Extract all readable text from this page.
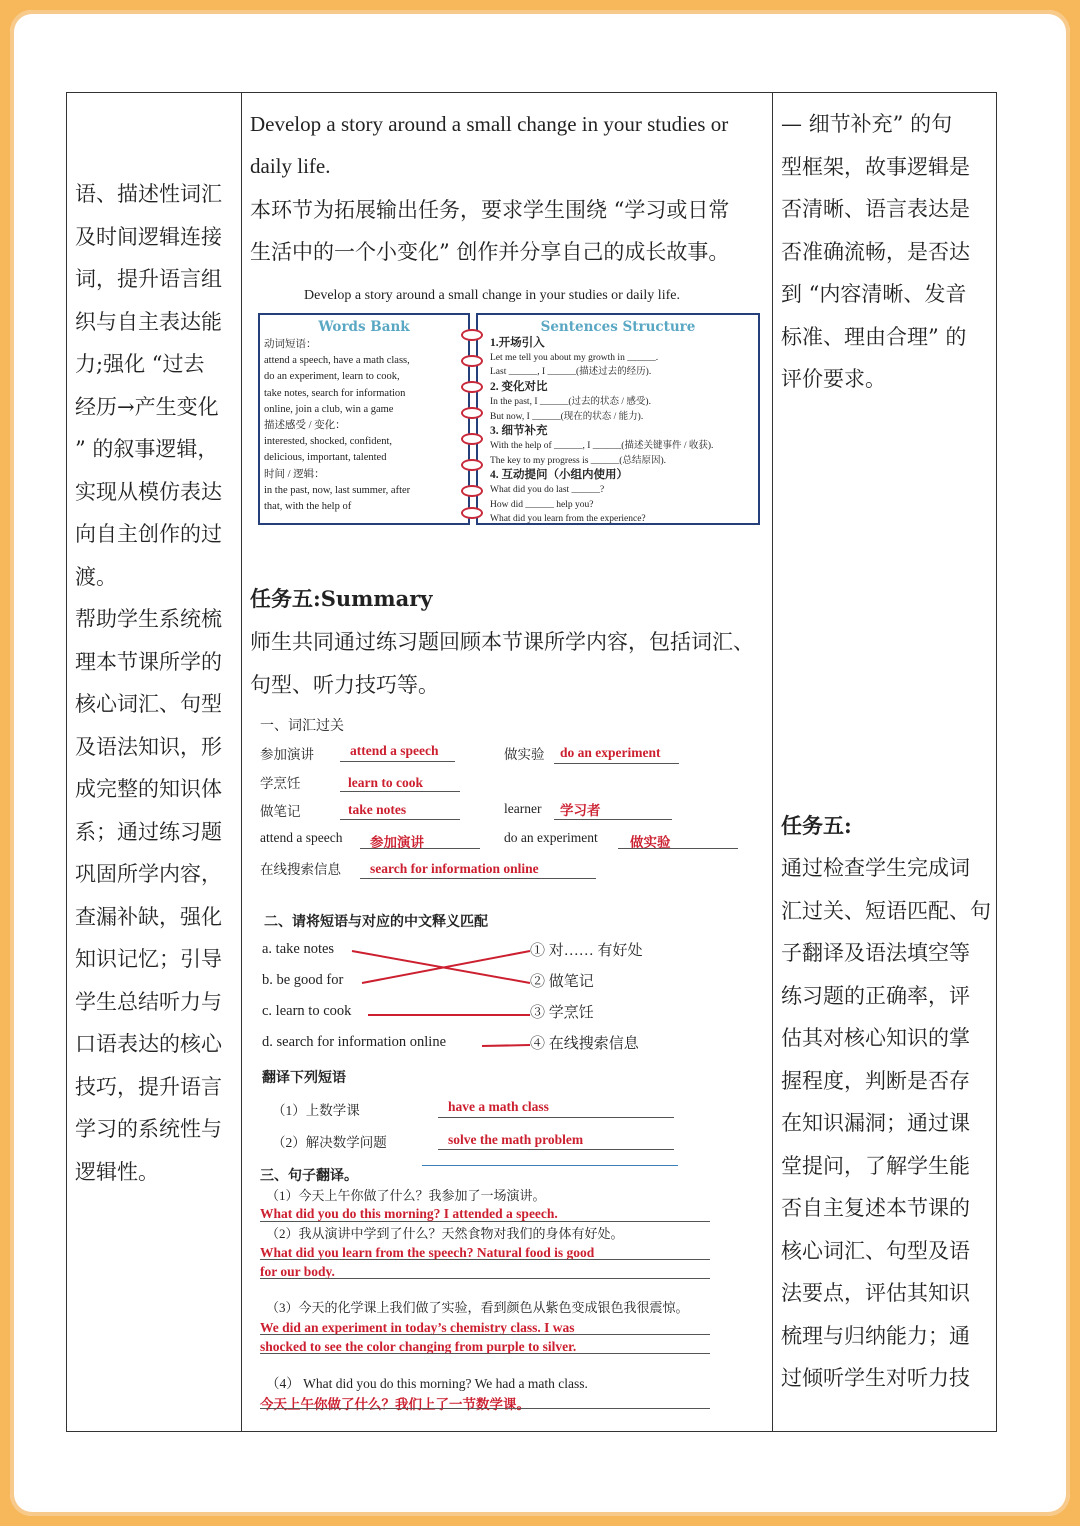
语、描述性词汇
及时间逻辑连接
词，提升语言组
织与自主表达能
力;强化 “过去
经历→产生变化
” 的叙事逻辑，
实现从模仿表达
向自主创作的过
渡。
帮助学生系统梳
理本节课所学的
核心词汇、句型
及语法知识，形
成完整的知识体
系；通过练习题
巩固所学内容，
查漏补缺，强化
知识记忆；引导
学生总结听力与
口语表达的核心
技巧，提升语言
学习的系统性与
逻辑性。

Develop a story around a small change in your studies or
daily life.
本环节为拓展输出任务，要求学生围绕 “学习或日常
生活中的一个小变化” 创作并分享自己的成长故事。
Develop a story around a small change in your studies or daily life.
Words Bank
动词短语：
attend a speech, have a math class,
do an experiment, learn to cook,
take notes, search for information
online, join a club, win a game
描述感受 / 变化：
interested, shocked, confident,
delicious, important, talented
时间 / 逻辑：
in the past, now, last summer, after
that, with the help of
Sentences Structure
1.开场引入
Let me tell you about my growth in ______.
Last ______, I ______(描述过去的经历).
2. 变化对比
In the past, I ______(过去的状态 / 感受).
But now, I ______(现在的状态 / 能力).
3. 细节补充
With the help of ______, I ______(描述关键事件 / 收获).
The key to my progress is ______(总结原因).
4. 互动提问（小组内使用）
What did you do last ______?
How did ______ help you?
What did you learn from the experience?
任务五:Summary
师生共同通过练习题回顾本节课所学内容，包括词汇、
句型、听力技巧等。
一、词汇过关
参加演讲	attend a speech	做实验 do an experiment
学烹饪	learn to cook
做笔记	take notes	learner 学习者
attend a speech 参加演讲	do an experiment 做实验
在线搜索信息 search for information online
二、请将短语与对应的中文释义匹配
a. take notes
b. be good for
c. learn to cook
d. search for information online
① 对…… 有好处
② 做笔记
③ 学烹饪
④ 在线搜索信息
翻译下列短语
（1）上数学课	have a math class
（2）解决数学问题	solve the math problem
三、句子翻译。
（1）今天上午你做了什么？我参加了一场演讲。
What did you do this morning? I attended a speech.
（2）我从演讲中学到了什么？天然食物对我们的身体有好处。
What did you learn from the speech? Natural food is good
for our body.
（3）今天的化学课上我们做了实验，看到颜色从紫色变成银色我很震惊。
We did an experiment in today’s chemistry class. I was
shocked to see the color changing from purple to silver.
（4） What did you do this morning? We had a math class.
今天上午你做了什么？我们上了一节数学课。

— 细节补充” 的句
型框架，故事逻辑是
否清晰、语言表达是
否准确流畅，是否达
到 “内容清晰、发音
标准、理由合理” 的
评价要求。
任务五:
通过检查学生完成词
汇过关、短语匹配、句
子翻译及语法填空等
练习题的正确率，评
估其对核心知识的掌
握程度，判断是否存
在知识漏洞；通过课
堂提问，了解学生能
否自主复述本节课的
核心词汇、句型及语
法要点，评估其知识
梳理与归纳能力；通
过倾听学生对听力技
